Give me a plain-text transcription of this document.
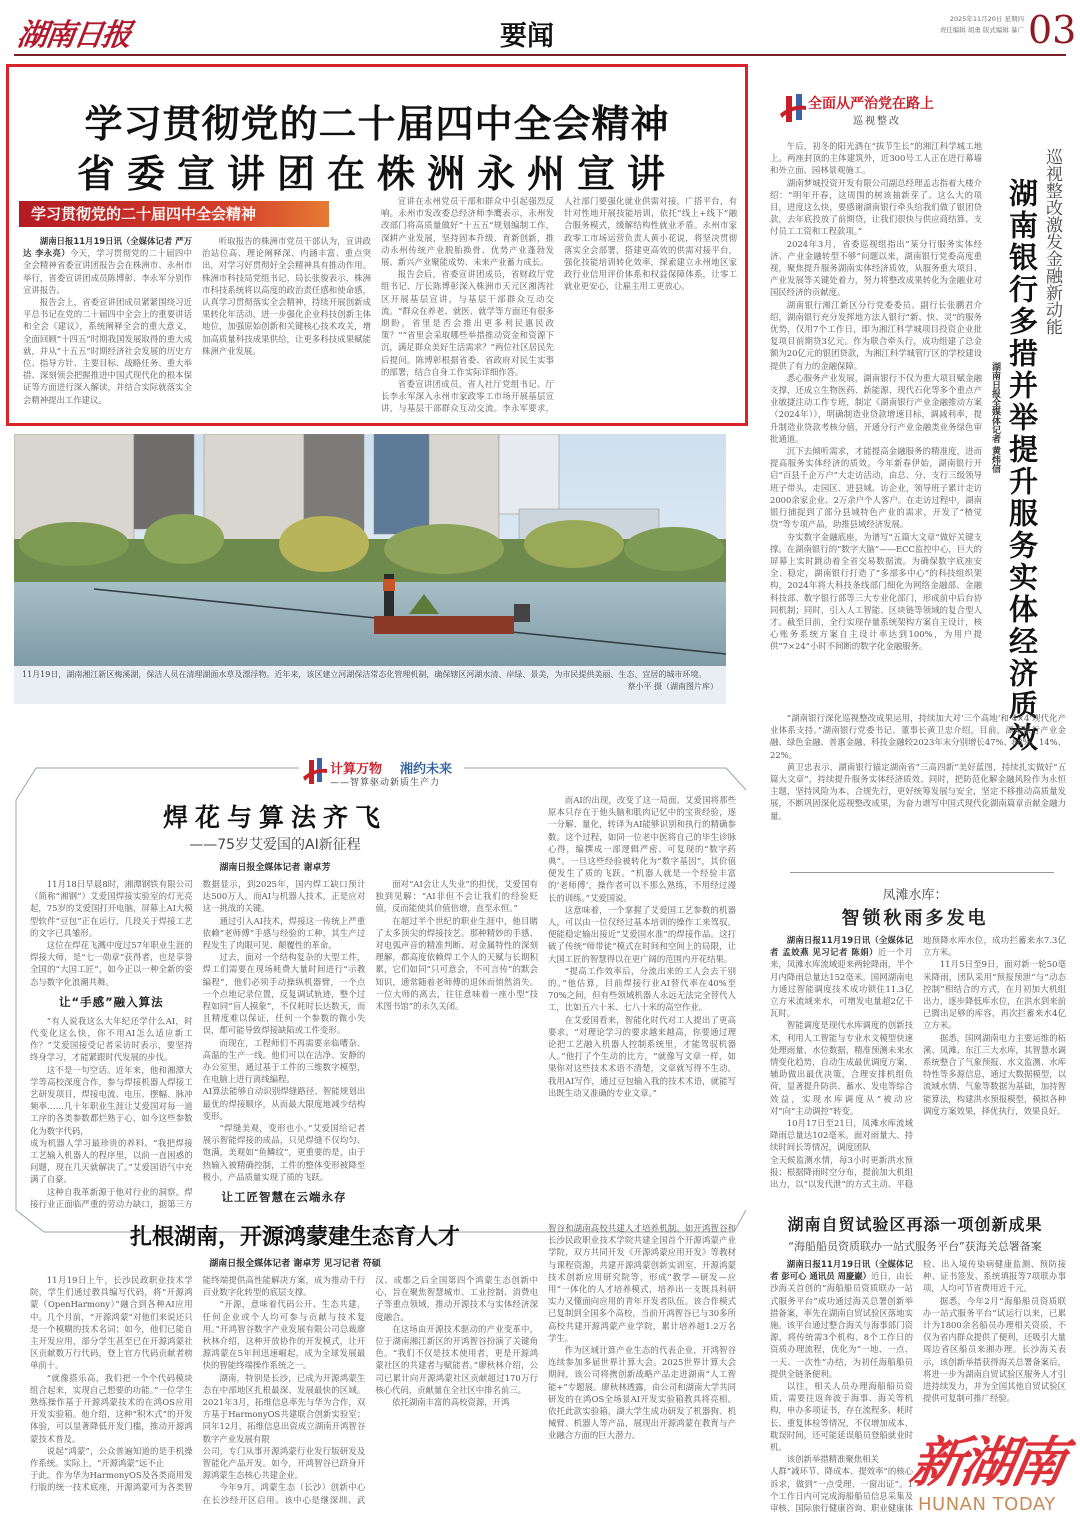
湖南日报	要闻
2025年11月20日 星期四
责任编辑 胡勇 版式编辑 暴广 03
学习贯彻党的二十届四中全会精神
省委宣讲团在株洲永州宣讲
学习贯彻党的二十届四中全会精神

湖南日报11月19日讯（全媒体记者 严万达 李永亮）今天，学习贯彻党的二十届四中全会精神省委宣讲团报告会在株洲市、永州市举行，省委宣讲团成员陈博彰、李永军分别作宣讲报告。

报告会上，省委宣讲团成员紧紧围绕习近平总书记在党的二十届四中全会上的重要讲话和全会《建议》，系统阐释全会的重大意义，全面回顾“十四五”时期我国发展取得的重大成就，并从“十五五”时期经济社会发展的历史方位、指导方针、主要目标、战略任务、重大举措、深刻领会把握推进中国式现代化的根本保证等方面进行深入解读，并结合实际就落实全会精神提出工作建议。

听取报告的株洲市党员干部认为，宣讲政治站位高、理论阐释深、内涵丰富、重点突出，对学习好贯彻好全会精神具有推动作用。株洲市科技局党组书记、局长张俊表示，株洲市科技系统将以高度的政治责任感和使命感，认真学习贯彻落实全会精神，持续开展创新成果转化年活动，进一步强化企业科技创新主体地位，加强原始创新和关键核心技术攻关，增加高质量科技成果供给，让更多科技成果赋能株洲产业发展。

宣讲在永州党员干部和群众中引起强烈反响。永州市发改委总经济师李鹰表示，永州发改部门将高质量做好“十五五”规划编制工作，深耕产业发展，坚持固本升级、育新创新，推动永州传统产业脱胎换骨、优势产业蓬勃发展、新兴产业聚能成势、未来产业蓄力成长。

报告会后，省委宣讲团成员，省财政厅党组书记、厅长陈博彰深入株洲市天元区湘湾社区开展基层宣讲，与基层干部群众互动交流。“群众在养老、就医、就学等方面还有很多期盼，省里是否会推出更多利民惠民政策？”“省里会采取哪些举措推动资金和资源下沉，满足群众美好生活需求？”两位社区居民先后提问。陈博彰根据省委、省政府对民生实事的部署，结合自身工作实际详细作答。

省委宣讲团成员，省人社厅党组书记、厅长李永军深入永州市家政零工市场开展基层宣讲，与基层干部群众互动交流。李永军要求，人社部门要强化就业供需对接，广搭平台，有针对性地开展技能培训，依托“线上+线下”融合服务模式，缓解结构性就业矛盾。永州市家政零工市场运营负责人黄小花说，将坚决贯彻落实全会部署，搭建更高效的供需对接平台，强化技能培训转化效率，探索建立永州地区家政行业信用评价体系和权益保障体系，让零工就业更安心，让雇主用工更放心。

全面从严治党在路上
巡视整改
巡视整改激发金融新动能
湖南银行多措并举提升服务实体经济质效
湖南日报全媒体记者 黄炜信

午后，初冬的阳光洒在“拔节生长”的湘江科学城工地上。两座封顶的主体建筑外，近300号工人正在进行幕墙和外立面、园林景观施工。

湖南梦城投资开发有限公司副总经理孟志指着大楼介绍：“明年开春，这周围的树该抽新芽了。这么大的项目，进度这么快，要感谢湖南银行牵头给我们做了银团贷款，去年底投放了前期贷，让我们很快与供应商结算、支付员工工资和工程款项。”

2024年3月，省委巡视组指出“某分行服务实体经济、产业金融转型不够”问题以来，湖南银行党委高度重视，聚焦提升服务湖南实体经济质效，从服务重大项目、产业发展等关键处着力，努力将整改成果转化为金融业对国民经济的贡献度。

湖南银行湘江新区分行党委委员、副行长张鹏君介绍，湖南银行充分发挥地方法人银行“新、快、灵”的服务优势，仅用7个工作日，即为湘江科学城项目投资企业批复项目前期贷3亿元。作为联合牵头行，成功组建了总金额为20亿元的银团贷款，为湘江科学城管厅区的学校建设提供了有力的金融保障。

悉心服务产业发展，湖南银行不仅为重大项目赋金融支撑，还成立生物医药、新能源、现代石化等多个重点产业敏捷注动工作专班，制定《湖南银行产业金融推动方案（2024年）》，明确制造业贷款增速目标，调减利率，提升制造业贷款考核分值，开通分行产业金融类业务绿色审批通道。

沉下去倾听需求，才能提高金融服务的精准度，进而提高服务实体经济的质效。今年新春伊始，湖南银行开启“百县千企万户”大走访活动，由总、分、支行三级领导班子带头，走园区、进县域、访企业，领导班子累计走访2000余家企业、2万余户个人客户。在走访过程中，湖南银行捕捉到了部分县域特色产业的需求，开发了“楂觉贷”等专项产品，助推县域经济发展。

夯实数字金融底座，为谱写“五篇大文章”做好关键支撑。在湖南银行的“数字大脑”——ECC监控中心，巨大的屏幕上实时跳动着全省交易数据流。为确保数字底座安全、稳定，湖南银行打造了“多部多中心”的科技组织架构，2024年将大科技条线部门细化为网络金融部、金融科技部、数字银行部等三大专业化部门，形成前中后台协同机制；同时，引入人工智能、区块链等领域的复合型人才。截至目前，全行实现存量系统架构方案自主设计，核心账务系统方案自主设计率达到100%，为用户提供“7×24”小时不间断的数字化金融服务。

“湖南银行深化巡视整改成果运用，持续加大对‘三个高地’和‘4×4’现代化产业体系支持。”湖南银行党委书记、董事长黄卫忠介绍，目前，湖南银行产业金融、绿色金融、普惠金融、科技金融较2023年末分别增长47%、88%、14%、22%。

黄卫忠表示，湖南银行锚定湖南省“三高四新”美好蓝图，持续扎实做好“五篇大文章”，持续提升服务实体经济质效。同时，把防范化解金融风险作为永恒主题，坚持风险为本、合规先行，更好统筹发展与安全，坚定不移推动高质量发展，不断巩固深化巡视整改成果，为奋力谱写中国式现代化湖南篇章贡献金融力量。

11月19日，湖南湘江新区梅溪湖，保洁人员在清理湖面水草及漂浮物。近年来，该区建立河湖保洁常态化管理机制，确保辖区河湖水清、岸绿、景美，为市民提供美丽、生态、宜居的城市环境。
蔡小平 摄（湖南图片库）
计算万物 湘约未来
——智算驱动新质生产力
焊花与算法齐飞
——75岁艾爱国的AI新征程
湖南日报全媒体记者 谢卓芳

11月18日早晨8时，湘潭钢铁有限公司（简称“湘钢”）艾爱国焊接实验室的灯光亮起，75岁的艾爱国打开电脑，屏幕上AI大模型软件“豆包”正在运行，几段关于焊接工艺的文字已具雏形。

这位在焊花飞溅中度过57年职业生涯的焊接大师，是“七一勋章”获得者，也是享誉全国的“大国工匠”，如今正以一种全新的姿态与数字化浪潮共舞。

让“手感”融入算法

“有人说我这么大年纪还学什么AI，时代变化这么快，你不用AI怎么适应新工作？”艾爱国接受记者采访时表示，要坚持终身学习，才能紧跟时代发展的步伐。

这不是一句空话。近年来，他和湘潭大学等高校深度合作，参与焊接机器人焊接工艺研发项目，焊接电流、电压、摆幅、脉冲频率……几十年职业生涯让艾爱国对每一道工序的各类参数都烂熟于心，如今这些参数化为数字代码，

成为机器人学习最珍贵的养料。“我把焊接工艺输入机器人的程序里，以前一直困惑的问题，现在几天就解决了。”艾爱国语气中充满了自豪。

这种自我革新源于他对行业的洞察。焊接行业正面临严重的劳动力缺口，据第三方数据显示，到2025年，国内焊工缺口预计达500万人。而AI与机器人技术，正是应对这一挑战的关键。

通过引入AI技术，焊接这一传统上严重依赖“老师傅”手感与经验的工种，其生产过程发生了肉眼可见、颠覆性的革命。

过去，面对一个结构复杂的大型工件，焊工们需要在现场耗费大量时间进行“示教编程”，他们必须手动操纵机器臂，一个点一个点地记录位置，反复调试轨迹，整个过程如同“盲人摸象”，不仅耗时长达数天，而且精度难以保证，任何一个参数的微小失误，都可能导致焊接缺陷或工件变形。

而现在，工程师们不再需要亲临嘈杂、高温的生产一线。他们可以在洁净、安静的办公室里，通过基于工件的三维数字模型，在电脑上进行离线编程。

AI算法能够自动识别焊缝路径、智能规划出最优的焊接顺序，从而最大限度地减少结构变形。

“焊缝美观，变形也小。”艾爱国给记者展示智能焊接的成品，只见焊缝不仅均匀、饱满，美观如“鱼鳞纹”，更重要的是，由于热输入被精确控制，工件的整体变形被降至极小，产品质量实现了质的飞跃。

让工匠智慧在云端永存

面对“AI会让人失业”的担忧，艾爱国有独到见解：“AI非但不会让我们的经验贬值，反而能使其价值倍增，直至永恒。”

在超过半个世纪的职业生涯中，他目睹了太多顶尖的焊接技艺。那种精妙的手感、对电弧声音的精准判断、对金属特性的深刻理解，都高度依赖焊工个人的天赋与长期积累，它们如同“只可意会，不可言传”的默会知识，通常随着老师傅的退休而悄然消失。一位大师的离去，往往意味着一座小型“技术图书馆”的永久关闭。

而AI的出现，改变了这一局面。艾爱国将那些原本只存在于他头脑和肌肉记忆中的宝贵经验，逐一分解、量化，转译为AI能够识别和执行的精确参数。这个过程，如同一位老中医将自己的毕生诊脉心得，编撰成一部逻辑严密、可复现的“数字药典”。一旦这些经验被转化为“数字基因”，其价值便发生了质的飞跃。“机器人就是一个经验丰富的‘老师傅’，操作者可以不那么熟练，不用经过漫长的训练。”艾爱国说。

这意味着，一个掌握了艾爱国工艺参数的机器人，可以由一位仅经过基本培训的操作工来驾驭，便能稳定输出接近“艾爱国水准”的焊接作品。这打破了传统“师带徒”模式在时间和空间上的局限，让大国工匠的智慧得以在更广阔的范围内开花结果。

“提高工作效率后，分流出来的工人会去干别的。”他估算，目前焊接行业AI替代率在40%至70%之间，但有些领域机器人永远无法完全替代人工，比如五六十米、七八十米的高空作业。

在艾爱国看来，智能化时代对工人提出了更高要求。“对理论学习的要求越来越高，你要通过理论把工艺融入机器人控制系统里，才能驾驭机器人。”他打了个生动的比方，“就像写文章一样，如果你对这些技术术语不清楚，文章就写得不生动。我用AI写作，通过豆包输入我的技术术语，就能写出既生动又准确的专业文章。”

扎根湖南，开源鸿蒙建生态育人才
湖南日报全媒体记者 谢卓芳 见习记者 符硕

11月19日上午，长沙民政职业技术学院，学生们通过教具编写代码，将“开源鸿蒙（OpenHarmony）”融合到各种AI应用中。几个月前，“开源鸿蒙”对他们来说还只是一个模糊的技术名词；如今，他们已能自主开发应用，部分学生甚至已在开源鸿蒙社区贡献数万行代码，登上官方代码贡献者榜单前十。

“就像搭乐高，我们把一个个代码模块组合起来，实现自己想要的功能。”一位学生熟练操作基于开源鸿蒙技术的在鸿OS应用开发实验箱。他介绍，这种“积木式”的开发体验，可以显著降低开发门槛，推动开源鸿蒙技术普及。

说起“鸿蒙”，公众普遍知道的是手机操作系统。实际上，“开源鸿蒙”远不止

于此。作为华为HarmonyOS及各类商用发行版的统一技术底座，开源鸿蒙可为各类智能终端提供高性能解决方案，成为推动千行百业数字化转型的底层支撑。

“开源，意味着代码公开、生态共建，任何企业或个人均可参与贡献与技术复用。”开鸿智谷数字产业发展有限公司总裁廖秋林介绍，这种开放协作的开发模式，让开源鸿蒙在5年间迅速崛起，成为全球发展最快的智能终端操作系统之一。

湖南，特别是长沙，已成为开源鸿蒙生态在中部地区扎根最深、发展最快的区域。2021年3月，拓维信息率先与华为合作，双方基于HarmonyOS共建联合创新实验室；同年12月，拓维信息出资成立湖南开鸿智谷数字产业发展有限

公司，专门从事开源鸿蒙行业发行版研发及智能化产品开发。如今，开鸿智谷已跻身开源鸿蒙生态核心共建企业。

今年9月，鸿蒙生态（长沙）创新中心在长沙经开区启用。该中心是继深圳、武汉、成都之后全国第四个鸿蒙生态创新中心，旨在聚焦智慧城市、工业控制、消费电子等重点领域，推动开源技术与实体经济深度融合。

在这场由开源技术驱动的产业变革中，位于湖南湘江新区的开鸿智谷扮演了关键角色。“我们不仅是技术使用者，更是开源鸿蒙社区的共建者与赋能者。”廖秋林介绍，公司已累计向开源鸿蒙社区贡献超过170万行核心代码，贡献量在全社区中排名前三。

依托湖南丰富的高校资源，开鸿

智谷和湖南高校共建人才培养机制。如开鸿智谷和长沙民政职业技术学院共建全国首个开源鸿蒙产业学院，双方共同开发《开源鸿蒙应用开发》等教材与课程资源，共建开源鸿蒙创新实训室、开源鸿蒙技术创新应用研究院等，形成“教学—研发—应用”一体化的人才培养模式，培养出一支既具科研实力又懂面向应用的青年开发者队伍。该合作模式已复制到全国多个高校，当前开鸿智谷已与30多所高校共建开源鸿蒙产业学院，累计培养超1.2万名学生。

作为区域计算产业生态的代表企业，开鸿智谷连续参加多届世界计算大会。2025世界计算大会期间，该公司将携创新战略产品走进湖南“人工智能+”专题展。廖秋林透露，由公司和湖南大学共同研发的在鸿OS全场景AI开发实验箱教具将亮相。依托此款实验箱，湖大学生成功研发了机器狗、机械臂、机器人等产品，展现出开源鸿蒙在教育与产业融合方面的巨大潜力。

凤滩水库：
智锁秋雨多发电

湖南日报11月19日讯（全媒体记者 孟姣燕 见习记者 陈娟）近一个月来，凤滩水库流域迎来两轮降雨，半个月内降雨总量达152毫米。国网湖南电力通过智能调度技术成功锁住11.3亿立方米流域来水，可增发电量超2亿千瓦时。

智能调度是现代水库调度的创新技术，利用人工智能与专业水文模型快速处理雨量、水位数据，精准预测未来水情变化趋势，自动生成最优调度方案，辅助做出最优决策，合理安排机组负荷，显著提升防洪、蓄水、发电等综合效益，实现水库调度从“被动应对”向“主动调控”转变。

10月17日至21日，凤滩水库流域降雨总量达102毫米。面对雨量大、持续时间长等情况，调度团队

全天候监测水情，每3小时更新洪水预报；根据降雨时空分布，提前加大机组出力，以“以发代泄”的方式主动、平稳地预降水库水位，成功拦蓄来水7.3亿立方米。

11月5日至9日，面对新一轮50毫米降雨，团队采用“预报预泄”与“动态控制”相结合的方式，在月初加大机组出力，逐步降低库水位，在洪水到来前已腾出足够的库容，再次拦蓄来水4亿立方米。

据悉，国网湖南电力主要运维的柘溪、凤滩、东江三大水库，其智慧水调系统整合了气象预报、水文监测、水库特性等多源信息，通过大数据模型，以流域水情、气象等数据为基础，加持智能算法，构建洪水预报模型，模拟各种调度方案效果，择优执行，效果良好。

湖南自贸试验区再添一项创新成果
“海船船员资质联办一站式服务平台”获海关总署备案

湖南日报11月19日讯（全媒体记者 彭可心 通讯员 周慶巖）近日，由长沙海关首创的“海船船员资质联办一站式服务平台”成功通过海关总署创新举措备案，率先在湖南自贸试验区落地实施。该平台通过整合海关与海事部门资源，将传统需3个机构、8个工作日的资质办理流程，优化为“一地、一点、一天、一次性”办结，为初任海船船员提供全链条便利。

以往，相关人员办理海船船员资质，需要往返奔波于海事、海关等机构，申办多项证书，存在流程多、耗时长、重复体检等情况，不仅增加成本、耽误时间，还可能延误船员登船就业时机。

该创新举措精准聚焦相关

人群“减环节、降成本、提效率”的核心诉求，做到“一点受理、一窗出证”。1个工作日内可完成海船船员信息采集及审核、国际旅行健康咨询、职业健康体检、出入境传染病健康监测、预防接种、证书签发、系统填报等7项联办事项，人均可节省费用近千元。

据悉，今年2月“海船船员资质联办一站式服务平台”试运行以来，已累计为1800余名船员办理相关资质，不仅为省内群众提供了便利，还吸引大量周边省区船员来湘办理。长沙海关表示，该创新举措获得海关总署备案后，将进一步为湖南自贸试验区服务人才引进持续发力，并为全国其他自贸试验区提供可复制可推广经验。

新湖南
HUNAN TODAY
